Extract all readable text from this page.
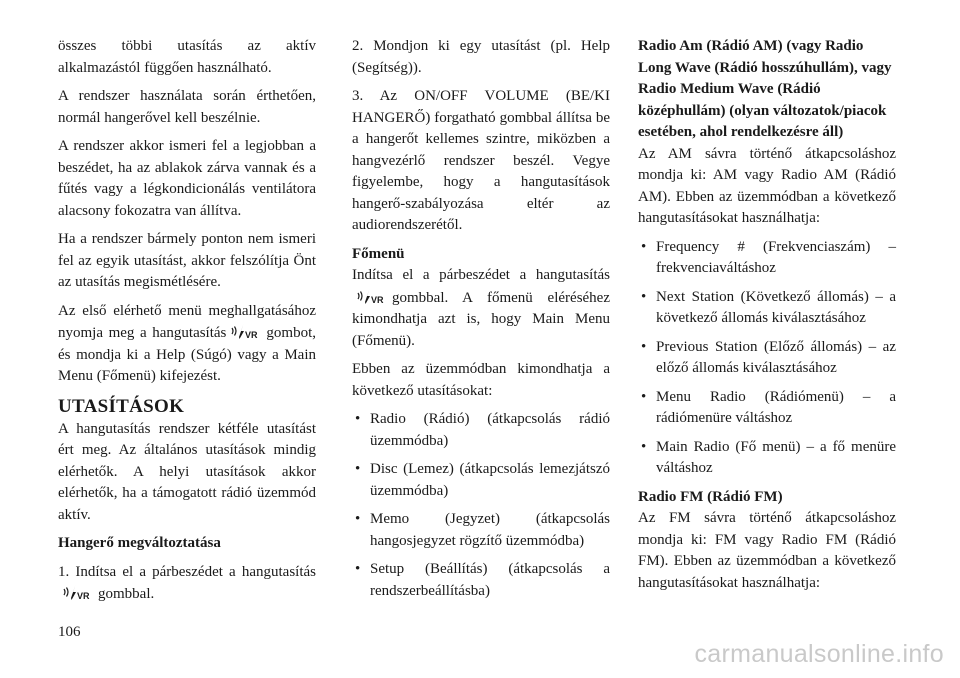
összes többi utasítás az aktív alkalmazástól függően használható.

A rendszer használata során érthetően, normál hangerővel kell beszélnie.

A rendszer akkor ismeri fel a legjobban a beszédet, ha az ablakok zárva vannak és a fűtés vagy a légkondicionálás ventilátora alacsony fokozatra van állítva.

Ha a rendszer bármely ponton nem ismeri fel az egyik utasítást, akkor felszólítja Önt az utasítás megismétlésére.

Az első elérhető menü meghallgatásához nyomja meg a hangutasítás VR gombot, és mondja ki a Help (Súgó) vagy a Main Menu (Főmenü) kifejezést.

UTASÍTÁSOK

A hangutasítás rendszer kétféle utasítást ért meg. Az általános utasítások mindig elérhetők. A helyi utasítások akkor elérhetők, ha a támogatott rádió üzemmód aktív.

Hangerő megváltoztatása

1. Indítsa el a párbeszédet a hangutasítás
VR gombbal.

2. Mondjon ki egy utasítást (pl. Help (Segítség)).

3. Az ON/OFF VOLUME (BE/KI HANGERŐ) forgatható gombbal állítsa be a hangerőt kellemes szintre, miközben a hangvezérlő rendszer beszél. Vegye figyelembe, hogy a hangutasítások hangerő-szabályozása eltér az audiorendszerétől.

Főmenü

Indítsa el a párbeszédet a hangutasítás
VR gombbal. A főmenü eléréséhez kimondhatja azt is, hogy Main Menu (Főmenü).

Ebben az üzemmódban kimondhatja a következő utasításokat:

• Radio (Rádió) (átkapcsolás rádió üzemmódba)
• Disc (Lemez) (átkapcsolás lemezjátszó üzemmódba)
• Memo (Jegyzet) (átkapcsolás hangosjegyzet rögzítő üzemmódba)
• Setup (Beállítás) (átkapcsolás a rendszerbeállításba)

Radio Am (Rádió AM) (vagy Radio Long Wave (Rádió hosszúhullám), vagy Radio Medium Wave (Rádió középhullám) (olyan változatok/piacok esetében, ahol rendelkezésre áll)

Az AM sávra történő átkapcsoláshoz mondja ki: AM vagy Radio AM (Rádió AM). Ebben az üzemmódban a következő hangutasításokat használhatja:

• Frequency # (Frekvenciaszám) – frekvenciaváltáshoz
• Next Station (Következő állomás) – a következő állomás kiválasztásához
• Previous Station (Előző állomás) – az előző állomás kiválasztásához
• Menu Radio (Rádiómenü) – a rádiómenüre váltáshoz
• Main Radio (Fő menü) – a fő menüre váltáshoz

Radio FM (Rádió FM)

Az FM sávra történő átkapcsoláshoz mondja ki: FM vagy Radio FM (Rádió FM). Ebben az üzemmódban a következő hangutasításokat használhatja:

106
carmanualsonline.info
